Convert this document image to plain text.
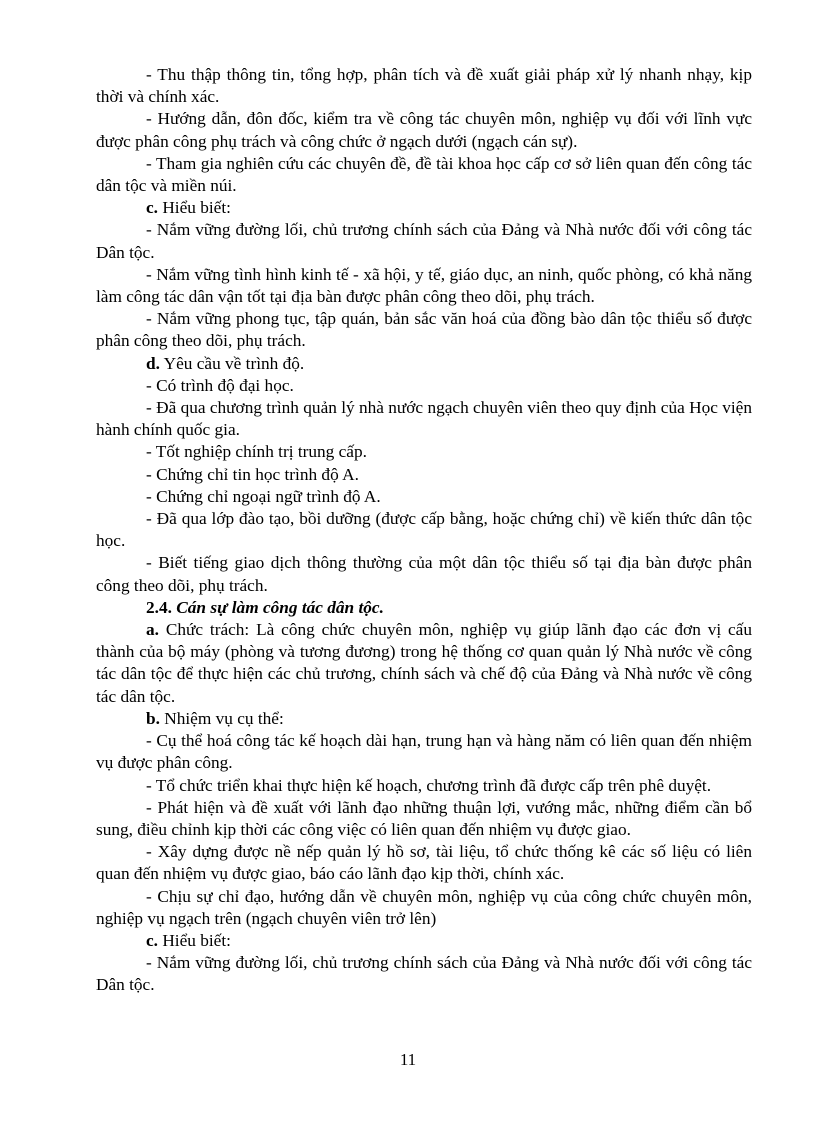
- Thu thập thông tin, tổng hợp, phân tích và đề xuất giải pháp xử lý nhanh nhạy, kịp thời và chính xác.

- Hướng dẫn, đôn đốc, kiểm tra về công tác chuyên môn, nghiệp vụ đối với lĩnh vực được phân công phụ trách và công chức ở ngạch dưới (ngạch cán sự).

- Tham gia nghiên cứu các chuyên đề, đề tài khoa học cấp cơ sở liên quan đến công tác dân tộc và miền núi.

c. Hiểu biết:

- Nắm vững đường lối, chủ trương chính sách của Đảng và Nhà nước đối với công tác Dân tộc.

- Nắm vững tình hình kinh tế - xã hội, y tế, giáo dục, an ninh, quốc phòng, có khả năng làm công tác dân vận tốt tại địa bàn được phân công theo dõi, phụ trách.

- Nắm vững phong tục, tập quán, bản sắc văn hoá của đồng bào dân tộc thiểu số được phân công theo dõi, phụ trách.

d. Yêu cầu về trình độ.

- Có trình độ đại học.

- Đã qua chương trình quản lý nhà nước ngạch chuyên viên theo quy định của Học viện hành chính quốc gia.

- Tốt nghiệp chính trị trung cấp.

- Chứng chỉ tin học trình độ A.

- Chứng chỉ ngoại ngữ trình độ A.

- Đã qua lớp đào tạo, bồi dưỡng (được cấp bằng, hoặc chứng chỉ) về kiến thức dân tộc học.

- Biết tiếng giao dịch thông thường của một dân tộc thiểu số tại địa bàn được phân công theo dõi, phụ trách.

2.4. Cán sự làm công tác dân tộc.

a. Chức trách: Là công chức chuyên môn, nghiệp vụ giúp lãnh đạo các đơn vị cấu thành của bộ máy (phòng và tương đương) trong hệ thống cơ quan quản lý Nhà nước về công tác dân tộc để thực hiện các chủ trương, chính sách và chế độ của Đảng và Nhà nước về công tác dân tộc.

b. Nhiệm vụ cụ thể:

- Cụ thể hoá công tác kế hoạch dài hạn, trung hạn và hàng năm có liên quan đến nhiệm vụ được phân công.

- Tổ chức triển khai thực hiện kế hoạch, chương trình đã được cấp trên phê duyệt.

- Phát hiện và đề xuất với lãnh đạo những thuận lợi, vướng mắc, những điểm cần bổ sung, điều chỉnh kịp thời các công việc có liên quan đến nhiệm vụ được giao.

- Xây dựng được nề nếp quản lý hồ sơ, tài liệu, tổ chức thống kê các số liệu có liên quan đến nhiệm vụ được giao, báo cáo lãnh đạo kịp thời, chính xác.

- Chịu sự chỉ đạo, hướng dẫn về chuyên môn, nghiệp vụ của công chức chuyên môn, nghiệp vụ ngạch trên (ngạch chuyên viên trở lên)

c. Hiểu biết:

- Nắm vững đường lối, chủ trương chính sách của Đảng và Nhà nước đối với công tác Dân tộc.

11
